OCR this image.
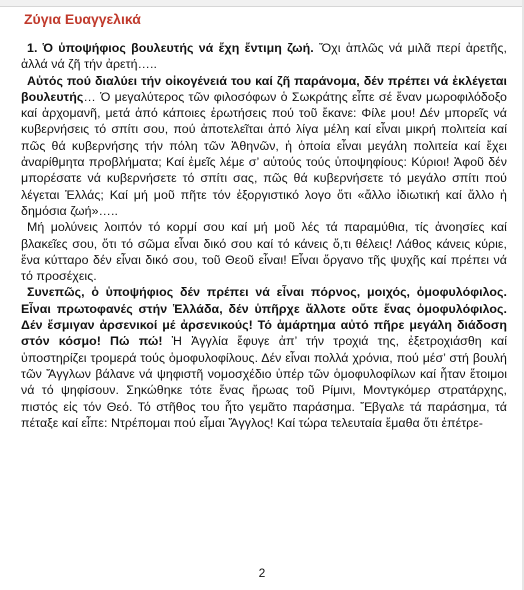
Ζύγια Ευαγγελικά

1. Ὁ ὑποψήφιος βουλευτής νά ἔχη ἔντιμη ζωή. Ὄχι ἁπλῶς νά μιλᾶ περί ἀρετῆς, ἀλλά νά ζῆ τήν ἀρετή…..

Αὐτός πού διαλύει τήν οἰκογένειά του καί ζῆ παράνομα, δέν πρέπει νά ἐκλέγεται βουλευτής… Ὁ μεγαλύτερος τῶν φιλοσόφων ὁ Σωκράτης εἶπε σέ ἕναν μωροφιλόδοξο καί ἀρχομανῆ, μετά ἀπό κάποιες ἐρωτήσεις πού τοῦ ἔκανε: Φίλε μου! Δέν μπορεῖς νά κυβερνήσεις τό σπίτι σου, πού ἀποτελεῖται ἀπό λίγα μέλη καί εἶναι μικρή πολιτεία καί πῶς θά κυβερνήσης τήν πόλη τῶν Ἀθηνῶν, ἡ ὁποία εἶναι μεγάλη πολιτεία καί ἔχει ἀναρίθμητα προβλήματα; Καί ἐμεῖς λέμε σ’ αὐτούς τούς ὑποψηφίους: Κύριοι! Ἀφοῦ δέν μπορέσατε νά κυβερνήσετε τό σπίτι σας, πῶς θά κυβερνήσετε τό μεγάλο σπίτι πού λέγεται Ἑλλάς; Καί μή μοῦ πῆτε τόν ἐξοργιστικό λογο ὅτι «ἄλλο ἰδιωτική καί ἄλλο ἡ δημόσια ζωή»…..

Μή μολύνεις λοιπόν τό κορμί σου καί μή μοῦ λές τά παραμύθια, τίς ἀνοησίες καί βλακεῖες σου, ὅτι τό σῶμα εἶναι δικό σου καί τό κάνεις ὅ,τι θέλεις! Λάθος κάνεις κύριε, ἕνα κύτταρο δέν εἶναι δικό σου, τοῦ Θεοῦ εἶναι! Εἶναι ὄργανο τῆς ψυχῆς καί πρέπει νά τό προσέχεις.

Συνεπῶς, ὁ ὑποψήφιος δέν πρέπει νά εἶναι πόρνος, μοιχός, ὁμοφυλόφιλος. Εἶναι πρωτοφανές στήν Ἑλλάδα, δέν ὑπῆρχε ἄλλοτε οὔτε ἕνας ὁμοφυλόφιλος. Δέν ἔσμιγαν ἀρσενικοί μέ ἀρσενικούς! Τό ἁμάρτημα αὐτό πῆρε μεγάλη διάδοση στόν κόσμο! Πώ πώ! Ἡ Ἀγγλία ἔφυγε ἀπ’ τήν τροχιά της, ἐξετροχιάσθη καί ὑποστηρίζει τρομερά τούς ὁμοφυλοφίλους. Δέν εἶναι πολλά χρόνια, πού μέσ’ στή βουλή τῶν Ἄγγλων βάλανε νά ψηφιστῆ νομοσχέδιο ὑπέρ τῶν ὁμοφυλοφίλων καί ἦταν ἕτοιμοι νά τό ψηφίσουν. Σηκώθηκε τότε ἕνας ἥρωας τοῦ Ρίμινι, Μοντγκόμερ στρατάρχης, πιστός εἰς τόν Θεό. Τό στῆθος του ἦτο γεμᾶτο παράσημα. Ἔβγαλε τά παράσημα, τά πέταξε καί εἶπε: Ντρέπομαι πού εἶμαι Ἄγγλος! Καί τώρα τελευταία ἔμαθα ὅτι ἐπέτρε-

2
